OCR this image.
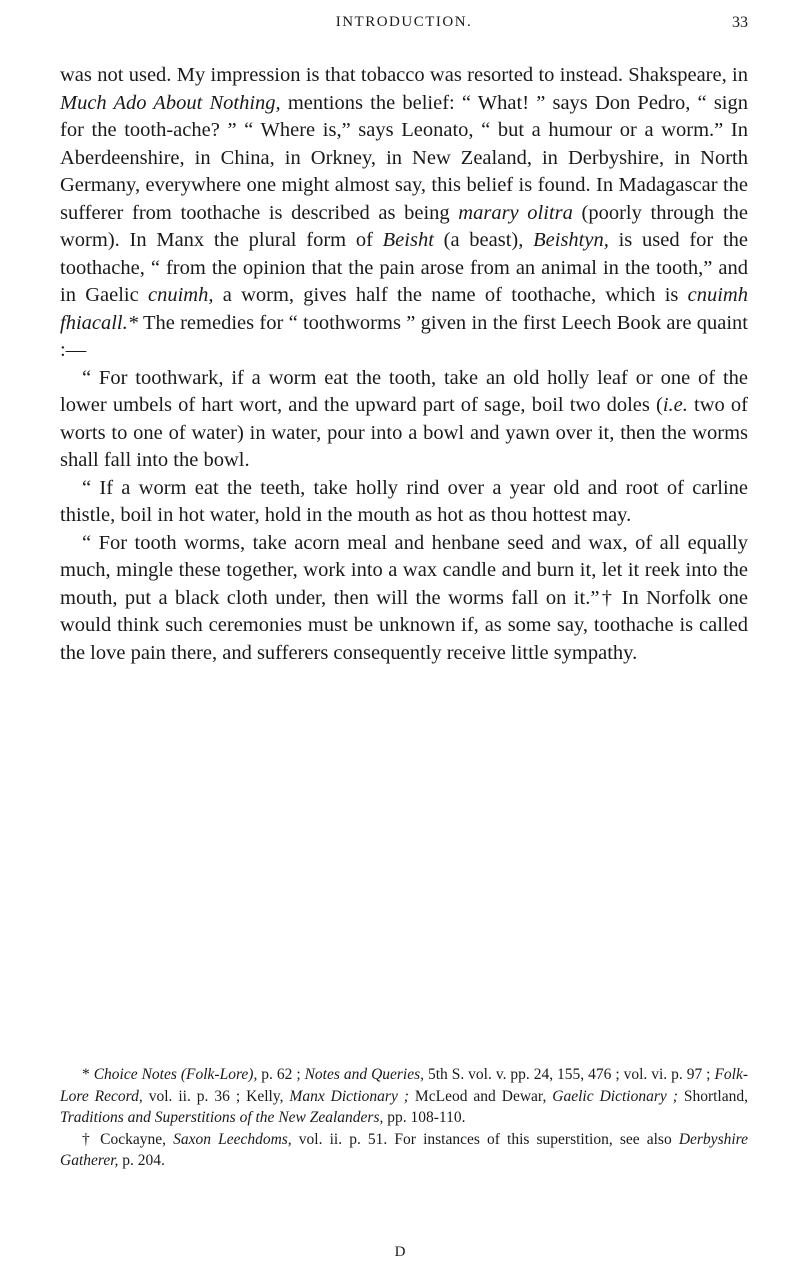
INTRODUCTION.	33

was not used. My impression is that tobacco was resorted to instead. Shakspeare, in Much Ado About Nothing, mentions the belief: “ What! ” says Don Pedro, “ sign for the tooth-ache? ” “ Where is,” says Leonato, “ but a humour or a worm.” In Aberdeenshire, in China, in Orkney, in New Zealand, in Derbyshire, in North Germany, everywhere one might almost say, this belief is found. In Madagascar the sufferer from toothache is described as being marary olitra (poorly through the worm). In Manx the plural form of Beisht (a beast), Beishtyn, is used for the toothache, “ from the opinion that the pain arose from an animal in the tooth,” and in Gaelic cnuimh, a worm, gives half the name of toothache, which is cnuimh fhiacall.* The remedies for “ toothworms ” given in the first Leech Book are quaint :—

“ For toothwark, if a worm eat the tooth, take an old holly leaf or one of the lower umbels of hart wort, and the upward part of sage, boil two doles (i.e. two of worts to one of water) in water, pour into a bowl and yawn over it, then the worms shall fall into the bowl.

“ If a worm eat the teeth, take holly rind over a year old and root of carline thistle, boil in hot water, hold in the mouth as hot as thou hottest may.

“ For tooth worms, take acorn meal and henbane seed and wax, of all equally much, mingle these together, work into a wax candle and burn it, let it reek into the mouth, put a black cloth under, then will the worms fall on it.”† In Norfolk one would think such ceremonies must be unknown if, as some say, toothache is called the love pain there, and sufferers consequently receive little sympathy.

* Choice Notes (Folk-Lore), p. 62 ; Notes and Queries, 5th S. vol. v. pp. 24, 155, 476 ; vol. vi. p. 97 ; Folk-Lore Record, vol. ii. p. 36 ; Kelly, Manx Dictionary ; McLeod and Dewar, Gaelic Dictionary ; Shortland, Traditions and Superstitions of the New Zealanders, pp. 108-110.

† Cockayne, Saxon Leechdoms, vol. ii. p. 51. For instances of this superstition, see also Derbyshire Gatherer, p. 204.

D
